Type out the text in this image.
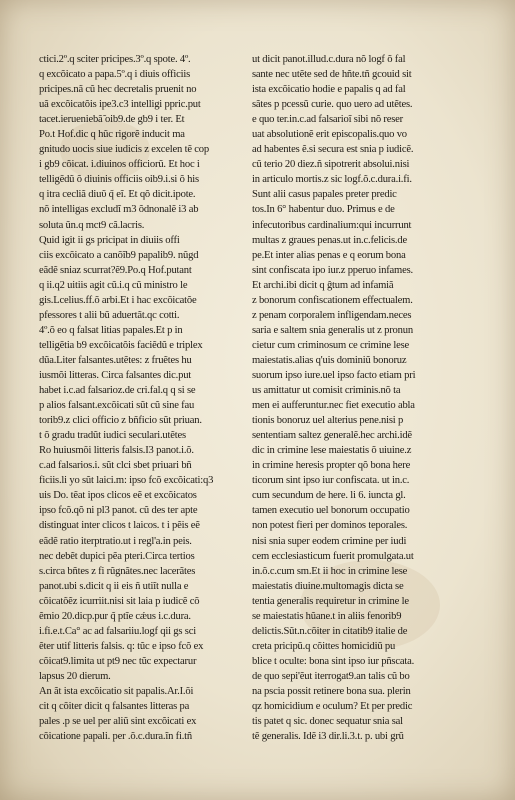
ctici.2º.q sciter pricipes.3º.q spote. 4º.
q excõicato a papa.5º.q i diuis officiis
pricipes.nã cũ hec decretalis pruenit no
uã excõicatõis ipe3.c3 intelligi ppric.put
tacet.ierueniebã̃ oib9.de gb9 i ter. Et
Po.t Hof.dic q hũc rigorẽ inducit ma
gnitudo uocis siue iudicis z excelen tẽ cop
i gb9 cõicat. i.diuinos officiorũ. Et hoc i
telligẽdũ õ diuinis officiis oib9.i.si õ his
q itra cecliã diuῦ q̃ eĩ. Et qõ dicit.ipote.
nõ intelligas excludĩ m3 õdnonalẽ i3 ab
soluta ũn.q mct9 cã.lacris.
Quid igit ii gs pricipat in diuiis offi
ciis excõicato a canõĩb9 papalib9. nũgd
eãdẽ sniaz scurrat?ẽ9.Po.q Hof.putant
q ii.q2 uitiis agit cũ.i.q cũ ministro le
gis.Lcelius.ff.õ arbi.Et i hac excõicatõe
pfessores t alii bũ aduertãt.qc cotti.
4º.õ eo q falsat litias papales.Et p in
telligẽtia b9 excõicatõis faciẽdũ e triplex
dũa.Liter falsantes.utẽtes: z fruẽtes hu
iusmõi litteras. Circa falsantes dic.put
habet i.c.ad falsarioz.de cri.fal.q q si se
p alios falsant.excõicati sũt cũ sine fau
torib9.z clici officio z bñficio sũt priuan.
t õ gradu tradũt iudici seculari.utẽtes
Ro huiusmõi litteris falsis.I3 panot.i.õ.
c.ad falsarios.i. sũt clci sbet priuari bñ
ficiis.li yo sũt laici.m: ipso fcõ excõicati:q3
uis Do. tẽat ipos clicos eẽ et excõicatos
ipso fcõ.qõ ni pl3 panot. cũ des ter apte
distinguat inter clicos t laicos. t i pẽis eẽ
eãdẽ ratio iterptratio.ut i regl'a.in peis.
nec debẽt dupici pẽa pteri.Circa tertios
s.circa bñtes z fi rũgnãtes.nec lacerãtes
panot.ubi s.dicit q ii eis ñ utiĩt nulla e
cõicatõẽz icurriit.nisi sit laia p iudicẽ cõ
ẽmio 20.dicp.pur q̃ ptĩe cǽus i.c.dura.
i.fi.e.t.Ca° ac ad falsariiu.logf qii gs sci
ẽter utif litteris falsis. q: tũc e ipso fcõ ex
cõicat9.limita ut pt9 nec tũc expectarur
lapsus 20 dierum.
An ãt ista excõicatio sit papalis.Ar.I.õi
cit q cõiter dicit q falsantes litteras pa
pales .p se uel per aliũ sint excõicati ex
cõicatione papali. per .õ.c.dura.ĩn fi.tñ
ut dicit panot.illud.c.dura nõ logf õ fal
sante nec utẽte sed de hñte.tñ gcouid sit
ista excõicatio hodie e papalis q ad fal
sãtes p pcessũ curie. quo uero ad utẽtes.
e quo ter.in.c.ad falsarioĩ sibi nõ reser
uat absolutionẽ erit episcopalis.quo vo
ad habentes ẽ.si secura est snia p iudicẽ.
cũ terio 20 diez.ñ sipotrerit absolui.nisi
in articulo mortis.z sic logf.õ.c.dura.i.fi.
Sunt alii casus papales preter predic
tos.In 6° habentur duo. Primus e de
infecutoribus cardinalium:qui incurrunt
multas z graues penas.ut in.c.felicis.de
pe.Et inter alias penas e q eorum bona
sint confiscata ipo iur.z pperuo infames.
Et archi.ibi dicit q ĝtum ad infamiã
z bonorum confiscationem effectualem.
z penam corporalem infligendam.neces
saria e saltem snia generalis ut z pronun
cietur cum criminosum ce crimine lese
maiestatis.alias q'uis dominiũ bonoruz
suorum ipso iure.uel ipso facto etiam pri
us amittatur ut comisit criminis.nõ ta
men ei aufferuntur.nec fiet executio abla
tionis bonoruz uel alterius pene.nisi p
sententiam saltez generalẽ.hec archi.idẽ
dic in crimine lese maiestatis õ uiuine.z
in crimine heresis propter qõ bona here
ticorum sint ipso iur confiscata. ut in.c.
cum secundum de here. li 6. iuncta gl.
tamen executio uel bonorum occupatio
non potest fieri per dominos teporales.
nisi snia super eodem crimine per iudi
cem ecclesiasticum fuerit promulgata.ut
in.õ.c.cum sm.Et ii hoc in crimine lese
maiestatis diuine.multomagis dicta se
tentia generalis requiretur in crimine le
se maiestatis hũane.t in aliis fenorib9
delictis.Sũt.n.cõiter in citatib9 italie de
creta pricipũ.q cõittes homicidiũ pu
blice t oculte: bona sint ipso iur pñscata.
de quo sepi'ẽut iterrogat9.an talis cũ bo
na pscia possit retinere bona sua. plerin
qz homicidium e oculum? Et per predic
tis patet q sic. donec sequatur snia sal
tẽ generalis. Idẽ i3 dir.li.3.t. p. ubi grũ
